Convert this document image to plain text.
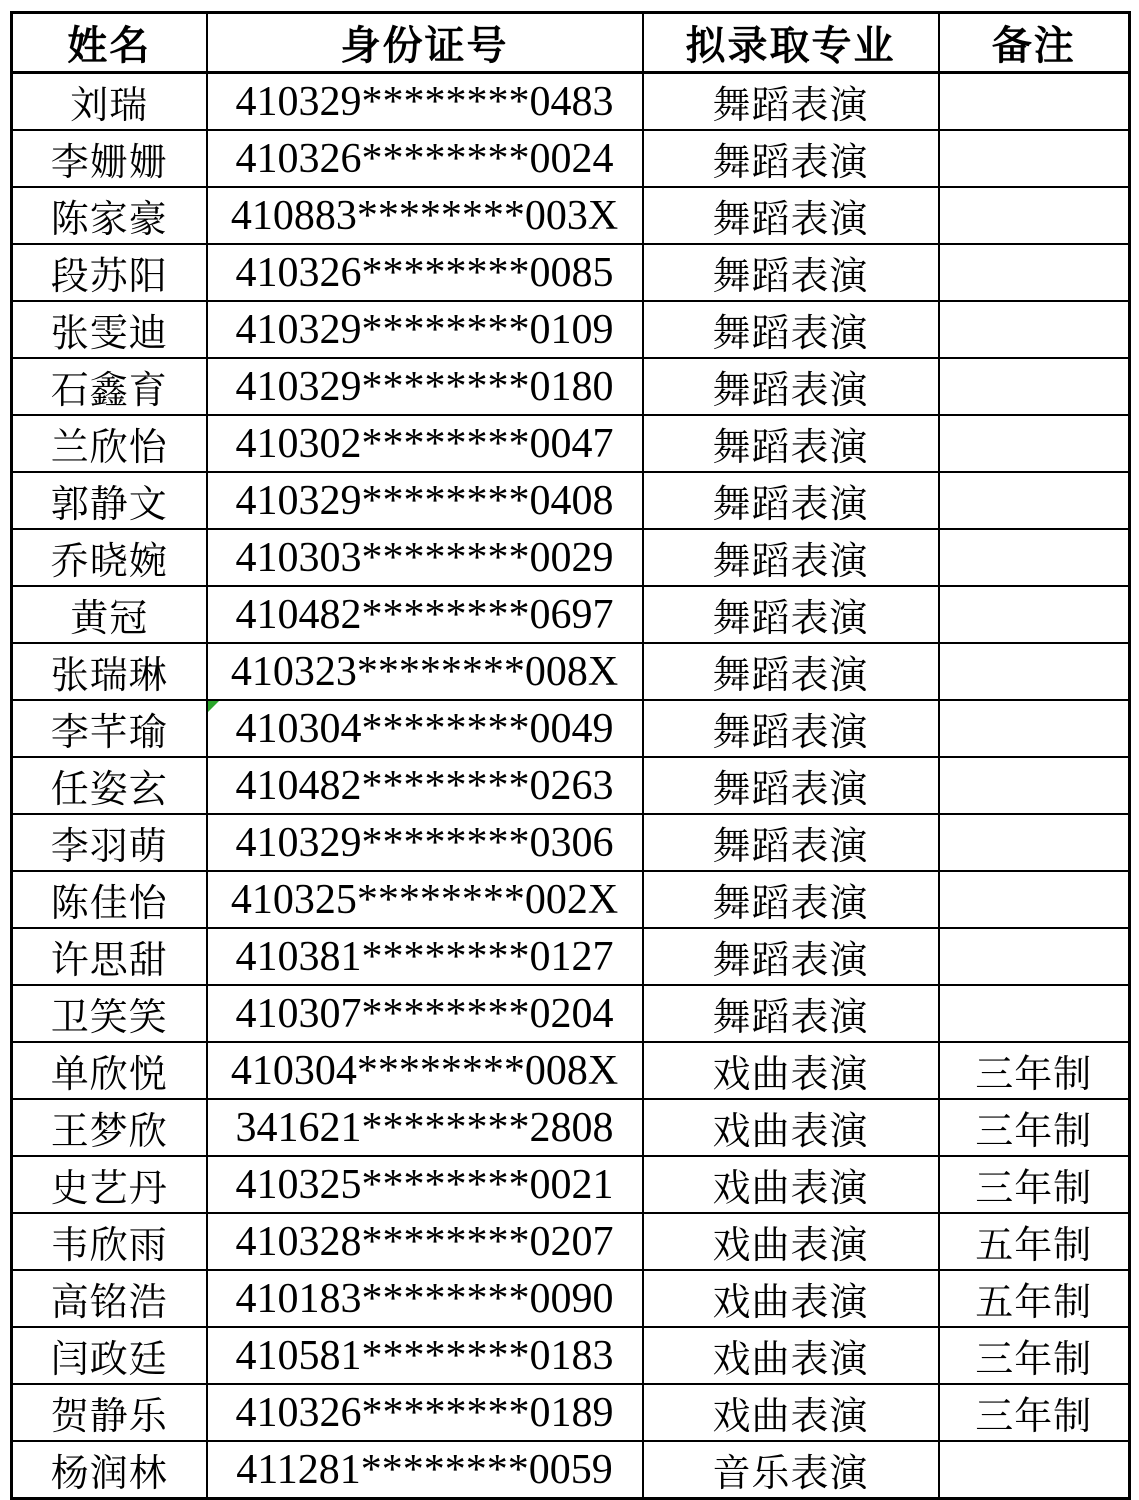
姓名	身份证号	拟录取专业	备注
刘瑞	410329********0483	舞蹈表演	
李姗姗	410326********0024	舞蹈表演	
陈家豪	410883********003X	舞蹈表演	
段苏阳	410326********0085	舞蹈表演	
张雯迪	410329********0109	舞蹈表演	
石鑫育	410329********0180	舞蹈表演	
兰欣怡	410302********0047	舞蹈表演	
郭静文	410329********0408	舞蹈表演	
乔晓婉	410303********0029	舞蹈表演	
黄冠	410482********0697	舞蹈表演	
张瑞琳	410323********008X	舞蹈表演	
李芊瑜	410304********0049	舞蹈表演	
任姿玄	410482********0263	舞蹈表演	
李羽萌	410329********0306	舞蹈表演	
陈佳怡	410325********002X	舞蹈表演	
许思甜	410381********0127	舞蹈表演	
卫笑笑	410307********0204	舞蹈表演	
单欣悦	410304********008X	戏曲表演	三年制
王梦欣	341621********2808	戏曲表演	三年制
史艺丹	410325********0021	戏曲表演	三年制
韦欣雨	410328********0207	戏曲表演	五年制
高铭浩	410183********0090	戏曲表演	五年制
闫政廷	410581********0183	戏曲表演	三年制
贺静乐	410326********0189	戏曲表演	三年制
杨润林	411281********0059	音乐表演	
